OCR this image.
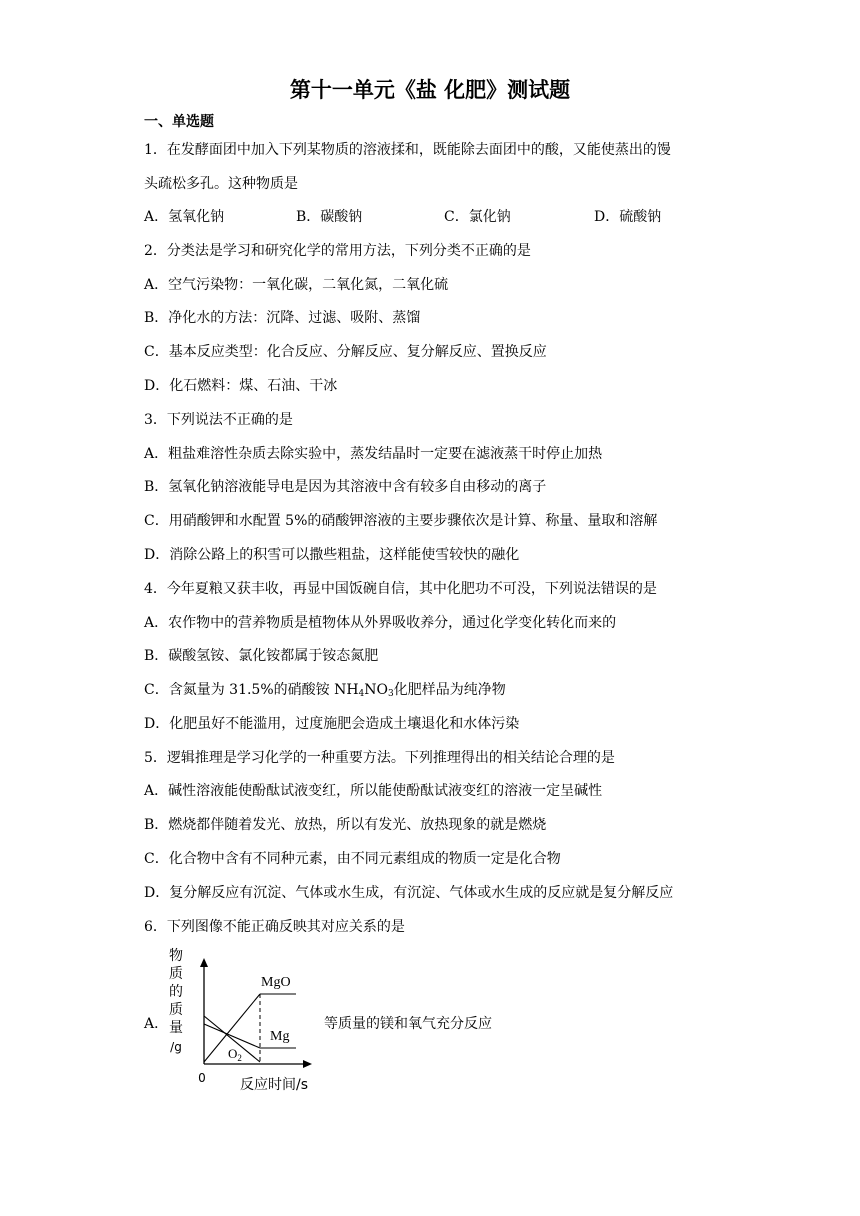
第十一单元《盐 化肥》测试题
一、单选题
1．在发酵面团中加入下列某物质的溶液揉和，既能除去面团中的酸，又能使蒸出的馒
头疏松多孔。这种物质是
A．氢氧化钠	B．碳酸钠	C．氯化钠	D．硫酸钠
2．分类法是学习和研究化学的常用方法，下列分类不正确的是
A．空气污染物：一氧化碳，二氧化氮，二氧化硫
B．净化水的方法：沉降、过滤、吸附、蒸馏
C．基本反应类型：化合反应、分解反应、复分解反应、置换反应
D．化石燃料：煤、石油、干冰
3．下列说法不正确的是
A．粗盐难溶性杂质去除实验中，蒸发结晶时一定要在滤液蒸干时停止加热
B．氢氧化钠溶液能导电是因为其溶液中含有较多自由移动的离子
C．用硝酸钾和水配置 5%的硝酸钾溶液的主要步骤依次是计算、称量、量取和溶解
D．消除公路上的积雪可以撒些粗盐，这样能使雪较快的融化
4．今年夏粮又获丰收，再显中国饭碗自信，其中化肥功不可没，下列说法错误的是
A．农作物中的营养物质是植物体从外界吸收养分，通过化学变化转化而来的
B．碳酸氢铵、氯化铵都属于铵态氮肥
C．含氮量为 31.5%的硝酸铵 $NH_4NO_3$化肥样品为纯净物
D．化肥虽好不能滥用，过度施肥会造成土壤退化和水体污染
5．逻辑推理是学习化学的一种重要方法。下列推理得出的相关结论合理的是
A．碱性溶液能使酚酞试液变红，所以能使酚酞试液变红的溶液一定呈碱性
B．燃烧都伴随着发光、放热，所以有发光、放热现象的就是燃烧
C．化合物中含有不同种元素，由不同元素组成的物质一定是化合物
D．复分解反应有沉淀、气体或水生成，有沉淀、气体或水生成的反应就是复分解反应
6．下列图像不能正确反映其对应关系的是
A．
物
质
的
质
量
/g
0 反应时间/s
MgO
Mg
$O_2$
等质量的镁和氧气充分反应
